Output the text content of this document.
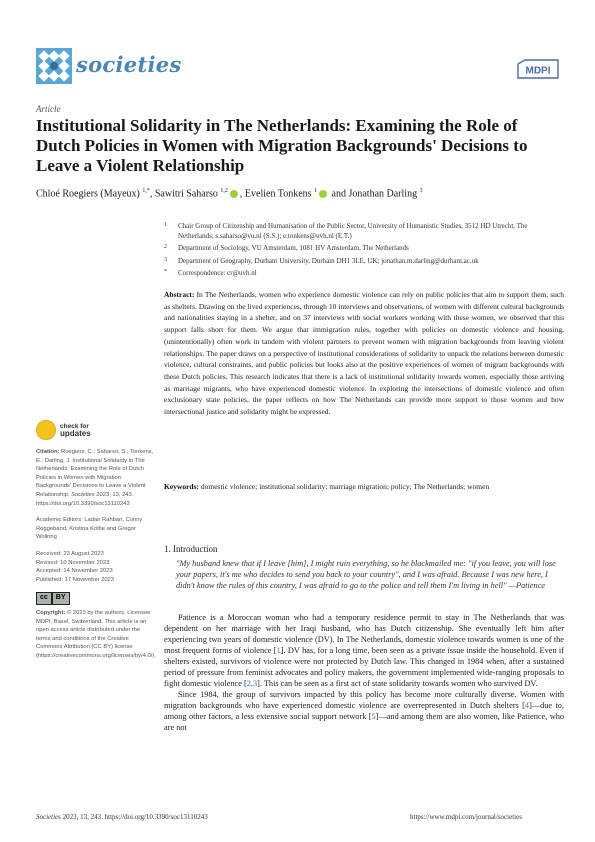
societies	MDPI
Article
Institutional Solidarity in The Netherlands: Examining the Role of Dutch Policies in Women with Migration Backgrounds' Decisions to Leave a Violent Relationship
Chloé Roegiers (Mayeux) $^{1,*}$, Sawitri Saharso $^{1,2}$ , Evelien Tonkens $^1$ and Jonathan Darling $^3$
1 Chair Group of Citizenship and Humanisation of the Public Sector, University of Humanistic Studies, 3512 HD Utrecht, The Netherlands; s.saharso@vu.nl (S.S.); e.tonkens@uvh.nl (E.T.)
2 Department of Sociology, VU Amsterdam, 1081 HV Amsterdam, The Netherlands
3 Department of Geography, Durham University, Durham DH1 3LE, UK; jonathan.m.darling@durham.ac.uk
* Correspondence: cr@uvh.nl
Abstract: In The Netherlands, women who experience domestic violence can rely on public policies that aim to support them, such as shelters. Drawing on the lived experiences, through 10 interviews and observations, of women with different cultural backgrounds and nationalities staying in a shelter, and on 37 interviews with social workers working with these women, we observed that this support falls short for them. We argue that immigration rules, together with policies on domestic violence and housing, (unintentionally) often work in tandem with violent partners to prevent women with migration backgrounds from leaving violent relationships. The paper draws on a perspective of institutional considerations of solidarity to unpack the relations between domestic violence, cultural constraints, and public policies but looks also at the positive experiences of women of migrant backgrounds with these Dutch policies. This research indicates that there is a lack of institutional solidarity towards women, especially those arriving as marriage migrants, who have experienced domestic violence. In exploring the intersections of domestic violence and often exclusionary state policies, the paper reflects on how The Netherlands can provide more support to those women and how intersectional justice and solidarity might be expressed.
Keywords: domestic violence; institutional solidarity; marriage migration; policy; The Netherlands; women
check for
updates
Citation: Roegiers, C.; Saharso, S.; Tonkens, E.; Darling, J. Institutional Solidarity in The Netherlands: Examining the Role of Dutch Policies in Women with Migration Backgrounds' Decisions to Leave a Violent Relationship. Societies 2023, 13, 243. https://doi.org/10.3390/soc13110243
Academic Editors: Ladan Rahbari, Conny Roggeband, Kristina Kolbe and Gregor Wollring
Received: 23 August 2023
Revised: 10 November 2023
Accepted: 14 November 2023
Published: 17 November 2023
cc	BY
Copyright: © 2023 by the authors. Licensee MDPI, Basel, Switzerland. This article is an open access article distributed under the terms and conditions of the Creative Commons Attribution (CC BY) license (https://creativecommons.org/licenses/by/4.0/).
1. Introduction
"My husband knew that if I leave [him], I might ruin everything, so he blackmailed me: "if you leave, you will lose your papers, it's me who decides to send you back to your country", and I was afraid. Because I was new here, I didn't know the rules of this country, I was afraid to go to the police and tell them I'm living in hell" —Patience

Patience is a Moroccan woman who had a temporary residence permit to stay in The Netherlands that was dependent on her marriage with her Iraqi husband, who has Dutch citizenship. She eventually left him after experiencing two years of domestic violence (DV). In The Netherlands, domestic violence towards women is one of the most frequent forms of violence [1]. DV has, for a long time, been seen as a private issue inside the household. Even if shelters existed, survivors of violence were not protected by Dutch law. This changed in 1984 when, after a sustained period of pressure from feminist advocates and policy makers, the government implemented wide-ranging proposals to fight domestic violence [2,3]. This can be seen as a first act of state solidarity towards women who survived DV.

Since 1984, the group of survivors impacted by this policy has become more culturally diverse. Women with migration backgrounds who have experienced domestic violence are overrepresented in Dutch shelters [4]—due to, among other factors, a less extensive social support network [5]—and among them are also women, like Patience, who are not

Societies 2023, 13, 243. https://doi.org/10.3390/soc13110243	https://www.mdpi.com/journal/societies
